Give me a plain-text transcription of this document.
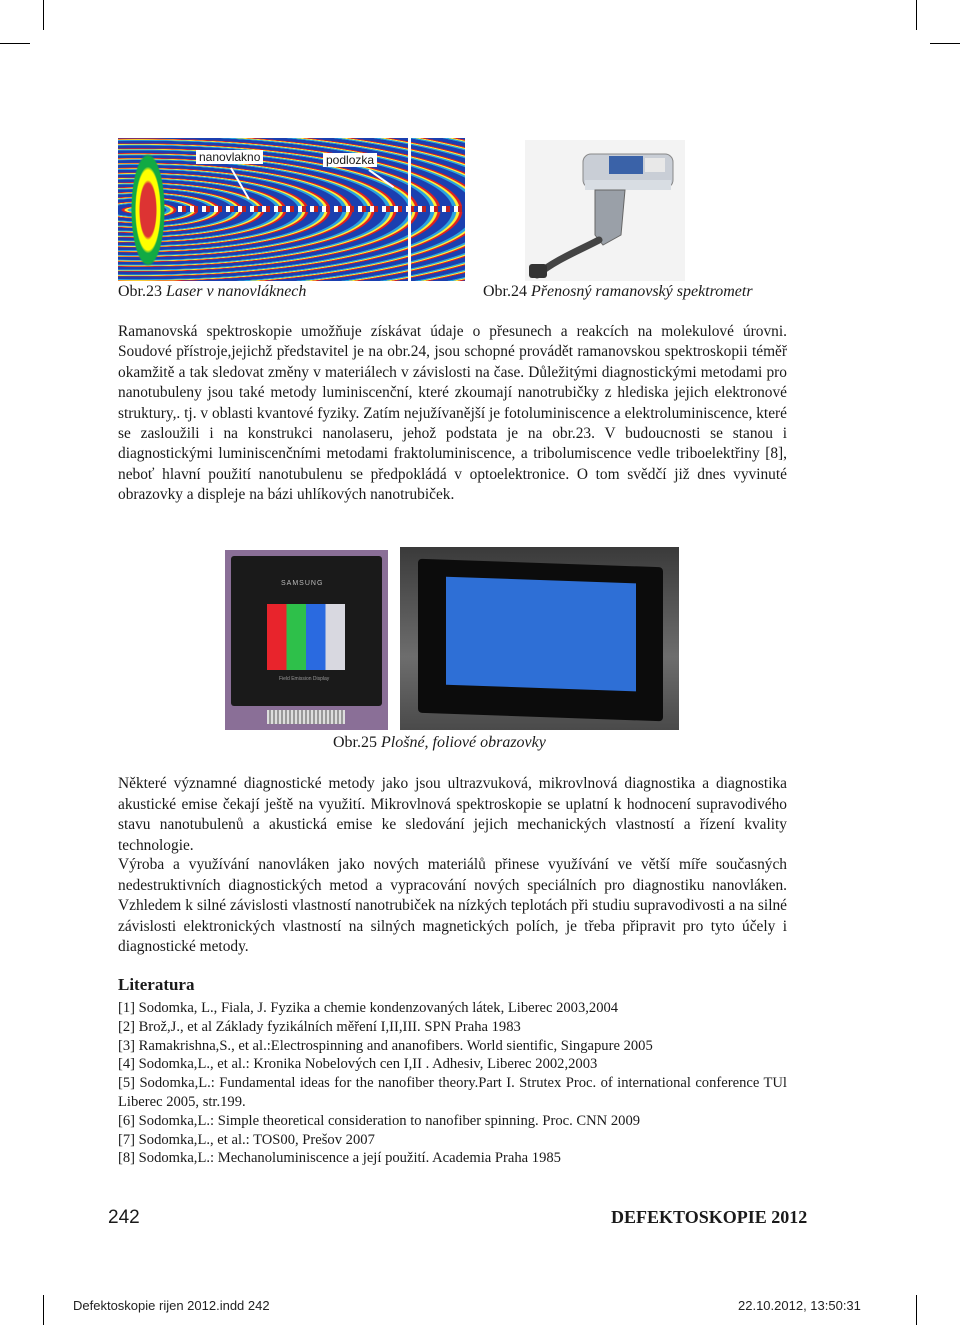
nanovlakno	podlozka
Obr.23 Laser v nanovláknech	Obr.24 Přenosný ramanovský spektrometr

Ramanovská spektroskopie umožňuje získávat údaje o přesunech a reakcích na molekulové úrovni. Soudové přístroje,jejichž představitel je na obr.24, jsou schopné provádět ramanovskou spektroskopii téměř okamžitě a tak sledovat změny v materiálech v závislosti na čase. Důležitými diagnostickými metodami pro nanotubuleny jsou také metody luminiscenční, které zkoumají nanotrubičky z hlediska jejich elektronové struktury,. tj. v oblasti kvantové fyziky. Zatím nejužívanější je fotoluminiscence a elektroluminiscence, které se zasloužili i na konstrukci nanolaseru, jehož podstata je na obr.23. V budoucnosti se stanou i diagnostickými luminiscenčními metodami fraktoluminiscence, a tribolumiscence vedle triboelektřiny [8], neboť hlavní použití nanotubulenu se předpokládá v optoelektronice. O tom svědčí již dnes vyvinuté obrazovky a displeje na bázi uhlíkových nanotrubiček.

SAMSUNG
Field Emission Display
Obr.25 Plošné, foliové obrazovky

Některé významné diagnostické metody jako jsou ultrazvuková, mikrovlnová diagnostika a diagnostika akustické emise čekají ještě na využití. Mikrovlnová spektroskopie se uplatní k hodnocení supravodivého stavu nanotubulenů a akustická emise ke sledování jejich mechanických vlastností a řízení kvality technologie.

Výroba a využívání nanovláken jako nových materiálů přinese využívání ve větší míře současných nedestruktivních diagnostických metod a vypracování nových speciálních pro diagnostiku nanovláken. Vzhledem k silné závislosti vlastností nanotrubiček na nízkých teplotách při studiu supravodivosti a na silné závislosti elektronických vlastností na silných magnetických polích, je třeba připravit pro tyto účely i diagnostické metody.

Literatura
[1] Sodomka, L., Fiala, J. Fyzika a chemie kondenzovaných látek, Liberec 2003,2004
[2] Brož,J., et al Základy fyzikálních měření I,II,III. SPN Praha 1983
[3] Ramakrishna,S., et al.:Electrospinning and ananofibers. World sientific, Singapure 2005
[4] Sodomka,L., et al.: Kronika Nobelových cen I,II . Adhesiv, Liberec 2002,2003
[5] Sodomka,L.: Fundamental ideas for the nanofiber theory.Part I. Strutex Proc. of international conference TUl Liberec 2005, str.199.
[6] Sodomka,L.: Simple theoretical consideration to nanofiber spinning. Proc. CNN 2009
[7] Sodomka,L., et al.: TOS00, Prešov 2007
[8] Sodomka,L.: Mechanoluminiscence a její použití. Academia Praha 1985
242	DEFEKTOSKOPIE 2012
Defektoskopie rijen 2012.indd 242	22.10.2012, 13:50:31
